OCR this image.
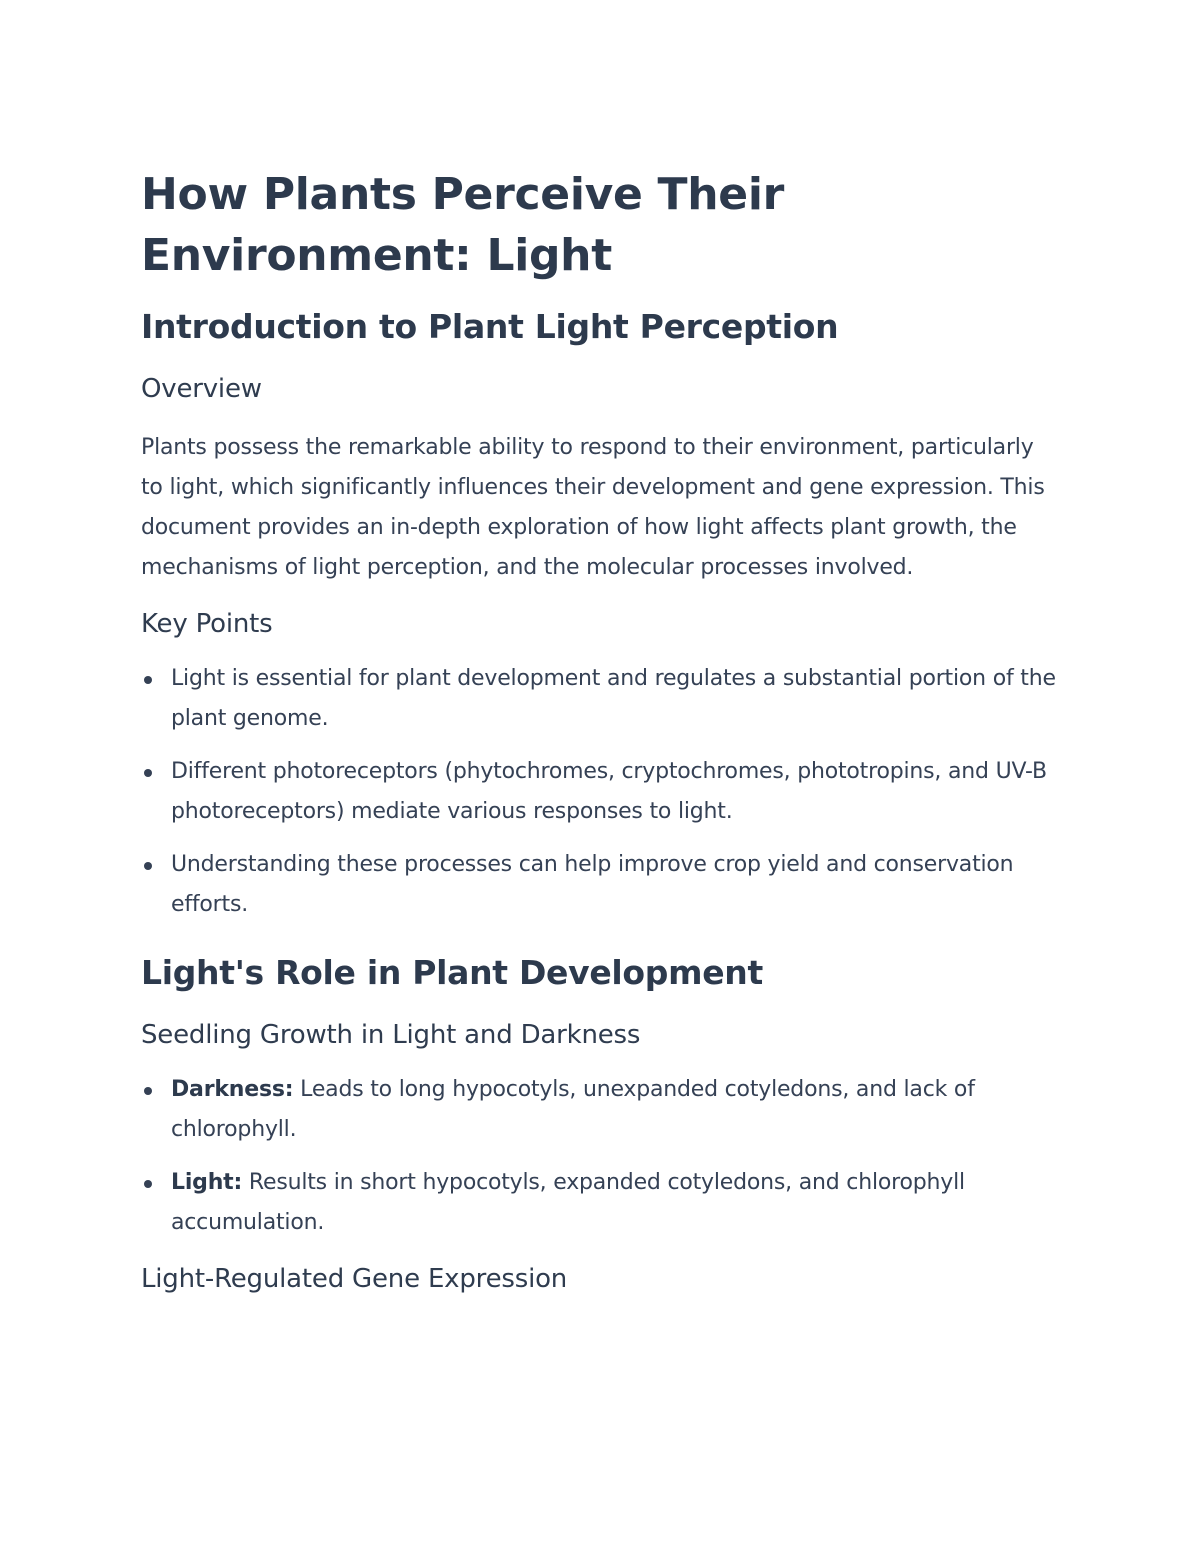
How Plants Perceive Their Environment: Light
Introduction to Plant Light Perception
Overview

Plants possess the remarkable ability to respond to their environment, particularly to light, which significantly influences their development and gene expression. This document provides an in-depth exploration of how light affects plant growth, the mechanisms of light perception, and the molecular processes involved.

Key Points
Light is essential for plant development and regulates a substantial portion of the plant genome.
Different photoreceptors (phytochromes, cryptochromes, phototropins, and UV-B photoreceptors) mediate various responses to light.
Understanding these processes can help improve crop yield and conservation efforts.
Light's Role in Plant Development
Seedling Growth in Light and Darkness
Darkness: Leads to long hypocotyls, unexpanded cotyledons, and lack of chlorophyll.
Light: Results in short hypocotyls, expanded cotyledons, and chlorophyll accumulation.
Light-Regulated Gene Expression
